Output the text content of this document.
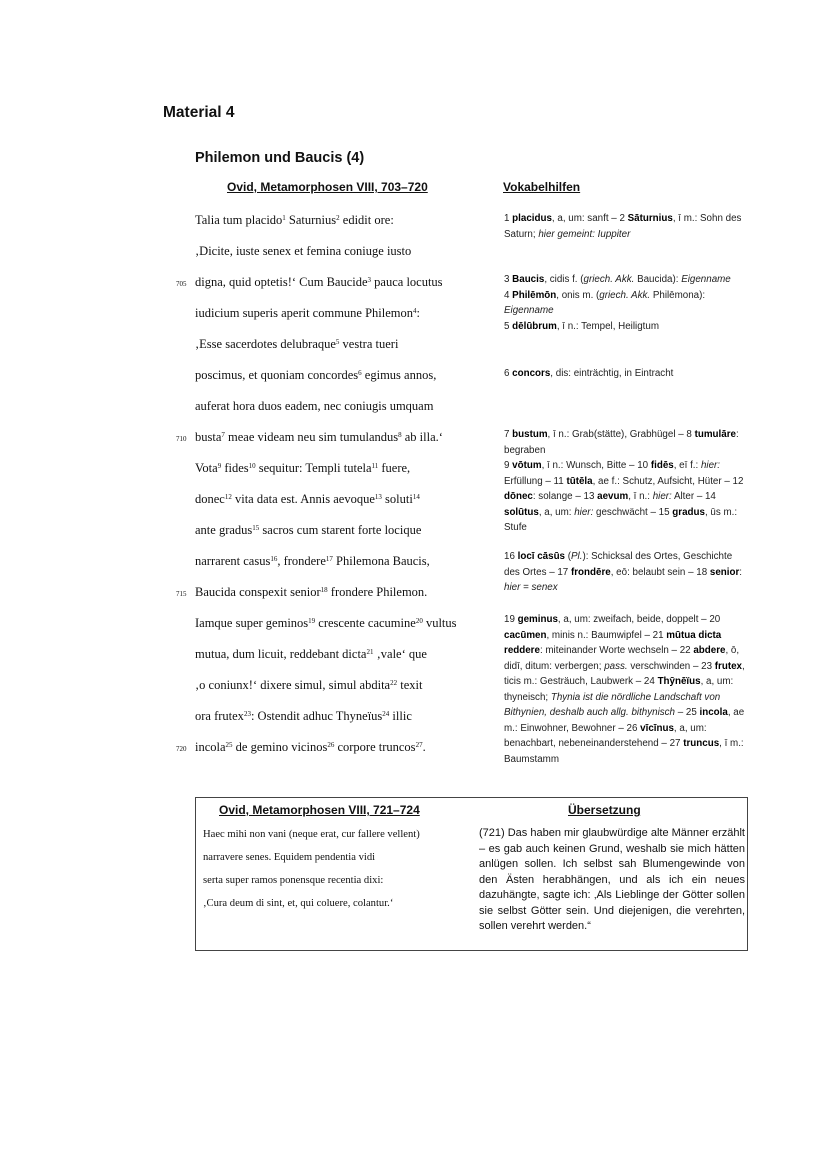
Material 4
Philemon und Baucis (4)
Ovid, Metamorphosen VIII, 703–720	Vokabelhilfen
Talia tum placido$^1$ Saturnius$^2$ edidit ore:
‚Dicite, iuste senex et femina coniuge iusto
digna, quid optetis!‘ Cum Baucide$^3$ pauca locutus
705
iudicium superis aperit commune Philemon$^4$:
‚Esse sacerdotes delubraque$^5$ vestra tueri
poscimus, et quoniam concordes$^6$ egimus annos,
auferat hora duos eadem, nec coniugis umquam
busta$^7$ meae videam neu sim tumulandus$^8$ ab illa.‘
710
Vota$^9$ fides$^{10}$ sequitur: Templi tutela$^{11}$ fuere,
donec$^{12}$ vita data est. Annis aevoque$^{13}$ soluti$^{14}$
ante gradus$^{15}$ sacros cum starent forte locique
narrarent casus$^{16}$, frondere$^{17}$ Philemona Baucis,
Baucida conspexit senior$^{18}$ frondere Philemon.
715
Iamque super geminos$^{19}$ crescente cacumine$^{20}$ vultus
mutua, dum licuit, reddebant dicta$^{21}$ ‚vale‘ que
‚o coniunx!‘ dixere simul, simul abdita$^{22}$ texit
ora frutex$^{23}$: Ostendit adhuc Thyneïus$^{24}$ illic
incola$^{25}$ de gemino vicinos$^{26}$ corpore truncos$^{27}$.
720
1 placidus, a, um: sanft – 2 Sāturnius, ī m.: Sohn des Saturn; hier gemeint: Iuppiter
3 Baucis, cidis f. (griech. Akk. Baucida): Eigenname
4 Philēmōn, onis m. (griech. Akk. Philēmona): Eigenname
5 dēlūbrum, ī n.: Tempel, Heiligtum
6 concors, dis: einträchtig, in Eintracht
7 bustum, ī n.: Grab(stätte), Grabhügel – 8 tumulāre: begraben
9 vōtum, ī n.: Wunsch, Bitte – 10 fidēs, eī f.: hier: Erfüllung – 11 tūtēla, ae f.: Schutz, Aufsicht, Hüter – 12 dōnec: solange – 13 aevum, ī n.: hier: Alter – 14 solūtus, a, um: hier: geschwächt – 15 gradus, ūs m.: Stufe
16 locī cāsūs (Pl.): Schicksal des Ortes, Geschichte des Ortes – 17 frondēre, eō: belaubt sein – 18 senior: hier = senex
19 geminus, a, um: zweifach, beide, doppelt – 20 cacūmen, minis n.: Baumwipfel – 21 mūtua dicta reddere: miteinander Worte wechseln – 22 abdere, ō, didī, ditum: verbergen; pass. verschwinden – 23 frutex, ticis m.: Gesträuch, Laubwerk – 24 Thȳnēïus, a, um: thyneisch; Thynia ist die nördliche Landschaft von Bithynien, deshalb auch allg. bithynisch – 25 incola, ae m.: Einwohner, Bewohner – 26 vīcīnus, a, um: benachbart, nebeneinanderstehend – 27 truncus, ī m.: Baumstamm
Ovid, Metamorphosen VIII, 721–724	Übersetzung
Haec mihi non vani (neque erat, cur fallere vellent)
narravere senes. Equidem pendentia vidi
serta super ramos ponensque recentia dixi:
‚Cura deum di sint, et, qui coluere, colantur.‘
(721) Das haben mir glaubwürdige alte Männer erzählt – es gab auch keinen Grund, weshalb sie mich hätten anlügen sollen. Ich selbst sah Blumengewinde von den Ästen herabhängen, und als ich ein neues dazuhängte, sagte ich: ‚Als Lieblinge der Götter sollen sie selbst Götter sein. Und diejenigen, die verehrten, sollen verehrt werden.“
